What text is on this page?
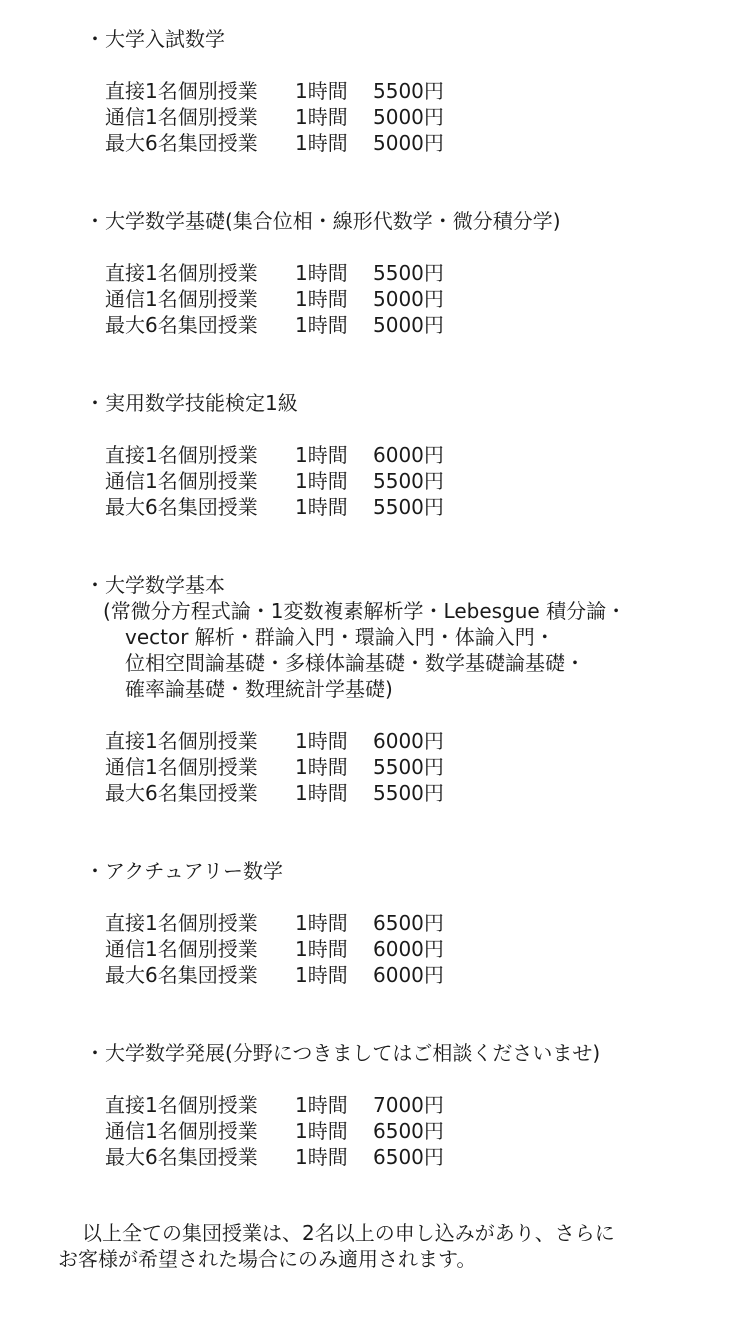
・大学入試数学
直接1名個別授業	1時間	5500円
通信1名個別授業	1時間	5000円
最大6名集団授業	1時間	5000円
・大学数学基礎(集合位相・線形代数学・微分積分学)
直接1名個別授業	1時間	5500円
通信1名個別授業	1時間	5000円
最大6名集団授業	1時間	5000円
・実用数学技能検定1級
直接1名個別授業	1時間	6000円
通信1名個別授業	1時間	5500円
最大6名集団授業	1時間	5500円
・大学数学基本
(常微分方程式論・1変数複素解析学・Lebesgue 積分論・
vector 解析・群論入門・環論入門・体論入門・
位相空間論基礎・多様体論基礎・数学基礎論基礎・
確率論基礎・数理統計学基礎)
直接1名個別授業	1時間	6000円
通信1名個別授業	1時間	5500円
最大6名集団授業	1時間	5500円
・アクチュアリー数学
直接1名個別授業	1時間	6500円
通信1名個別授業	1時間	6000円
最大6名集団授業	1時間	6000円
・大学数学発展(分野につきましてはご相談くださいませ)
直接1名個別授業	1時間	7000円
通信1名個別授業	1時間	6500円
最大6名集団授業	1時間	6500円
以上全ての集団授業は、2名以上の申し込みがあり、さらに
お客様が希望された場合にのみ適用されます。
